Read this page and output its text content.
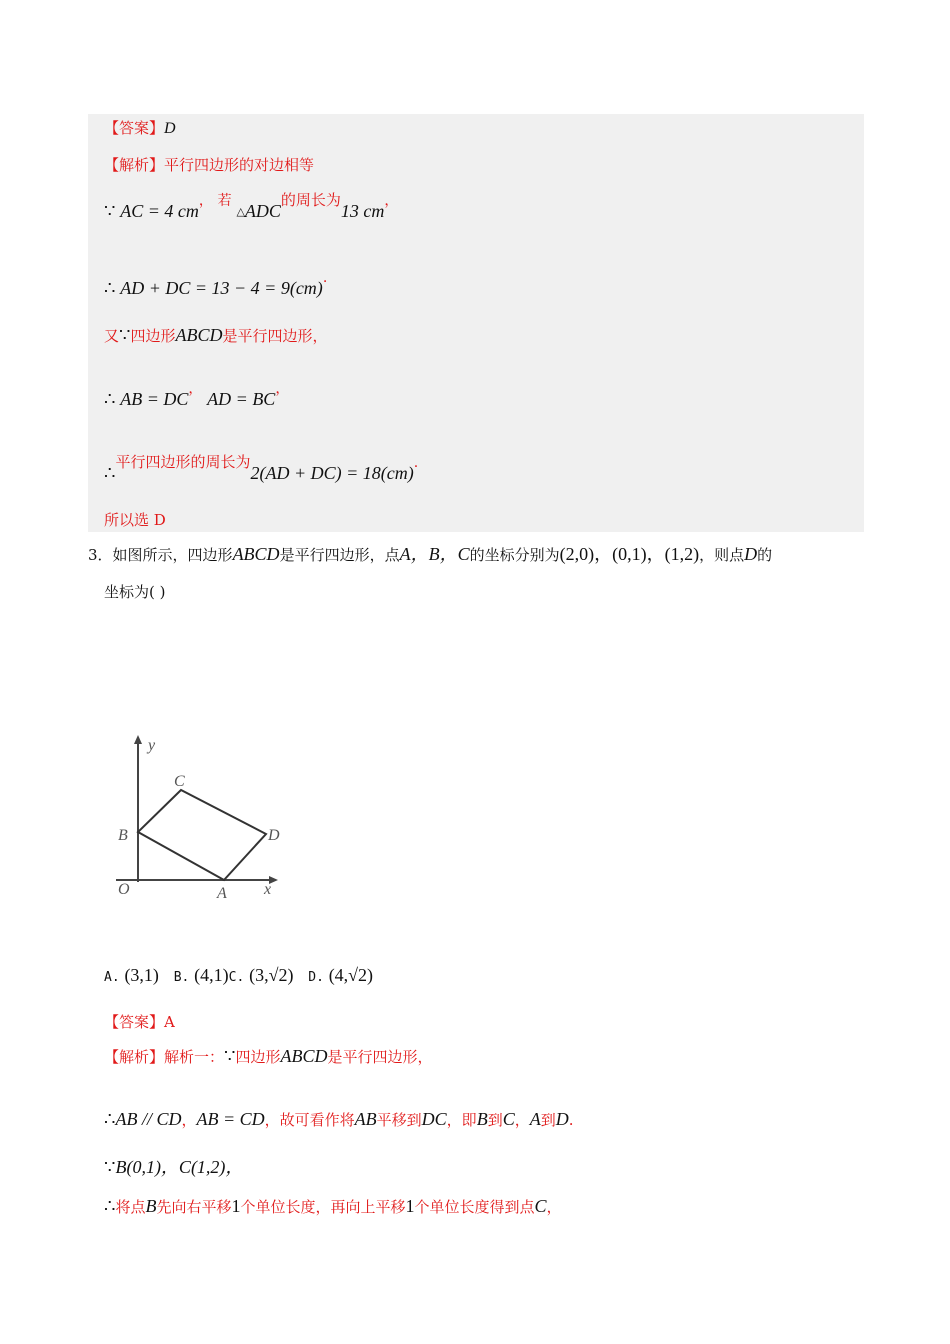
【答案】D
【解析】平行四边形的对边相等
∵ AC = 4 cm， 若 △ADC的周长为13 cm，
∴ AD + DC = 13 − 4 = 9(cm).
又∵四边形ABCD是平行四边形，
∴ AB = DC， AD = BC，
∴平行四边形的周长为2(AD + DC) = 18(cm).
所以选 D
3．如图所示，四边形ABCD是平行四边形，点A，B，C的坐标分别为(2,0)，(0,1)，(1,2)，则点D的
坐标为( )
y
x
O	A
B
C
D
A. (3,1) B. (4,1)C. (3,√2) D. (4,√2)
【答案】A
【解析】解析一：∵四边形ABCD是平行四边形，
∴AB // CD，AB = CD，故可看作将AB平移到DC，即B到C，A到D.
∵B(0,1)，C(1,2)，
∴将点B先向右平移1个单位长度，再向上平移1个单位长度得到点C，
